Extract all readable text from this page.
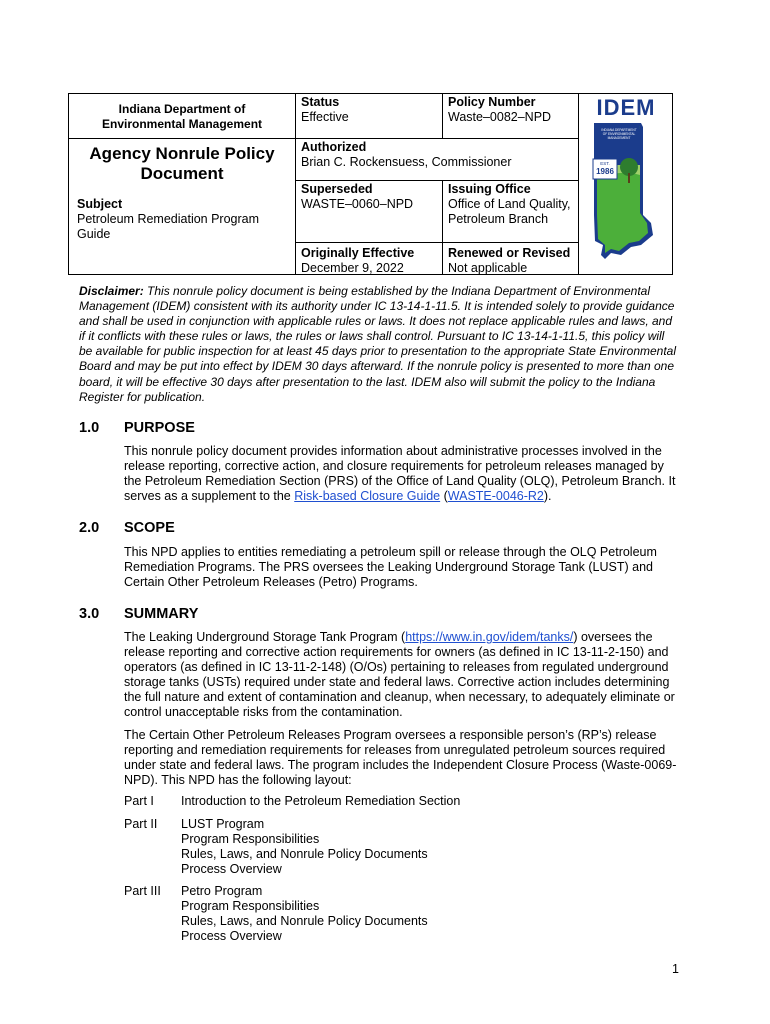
Indiana Department of Environmental Management
Agency Nonrule Policy Document
Subject
Petroleum Remediation Program Guide
Status
Effective
Policy Number
Waste–0082–NPD
Authorized
Brian C. Rockensuess, Commissioner
Superseded
WASTE–0060–NPD
Issuing Office
Office of Land Quality,
Petroleum Branch
Originally Effective
December 9, 2022
Renewed or Revised
Not applicable
IDEM
INDIANA DEPARTMENT OF ENVIRONMENTAL MANAGEMENT
EST.
1986
Disclaimer: This nonrule policy document is being established by the Indiana Department of Environmental Management (IDEM) consistent with its authority under IC 13-14-1-11.5. It is intended solely to provide guidance and shall be used in conjunction with applicable rules or laws. It does not replace applicable rules and laws, and if it conflicts with these rules or laws, the rules or laws shall control. Pursuant to IC 13-14-1-11.5, this policy will be available for public inspection for at least 45 days prior to presentation to the appropriate State Environmental Board and may be put into effect by IDEM 30 days afterward. If the nonrule policy is presented to more than one board, it will be effective 30 days after presentation to the last. IDEM also will submit the policy to the Indiana Register for publication.
1.0 PURPOSE
This nonrule policy document provides information about administrative processes involved in the release reporting, corrective action, and closure requirements for petroleum releases managed by the Petroleum Remediation Section (PRS) of the Office of Land Quality (OLQ), Petroleum Branch. It serves as a supplement to the Risk-based Closure Guide (WASTE-0046-R2).
2.0 SCOPE
This NPD applies to entities remediating a petroleum spill or release through the OLQ Petroleum Remediation Programs. The PRS oversees the Leaking Underground Storage Tank (LUST) and Certain Other Petroleum Releases (Petro) Programs.
3.0 SUMMARY
The Leaking Underground Storage Tank Program (https://www.in.gov/idem/tanks/) oversees the release reporting and corrective action requirements for owners (as defined in IC 13-11-2-150) and operators (as defined in IC 13-11-2-148) (O/Os) pertaining to releases from regulated underground storage tanks (USTs) required under state and federal laws. Corrective action includes determining the full nature and extent of contamination and cleanup, when necessary, to adequately eliminate or control unacceptable risks from the contamination.
The Certain Other Petroleum Releases Program oversees a responsible person’s (RP’s) release reporting and remediation requirements for releases from unregulated petroleum sources required under state and federal laws. The program includes the Independent Closure Process (Waste-0069-NPD). This NPD has the following layout:
Part I Introduction to the Petroleum Remediation Section
Part II LUST Program
Program Responsibilities
Rules, Laws, and Nonrule Policy Documents
Process Overview
Part III Petro Program
Program Responsibilities
Rules, Laws, and Nonrule Policy Documents
Process Overview
1
